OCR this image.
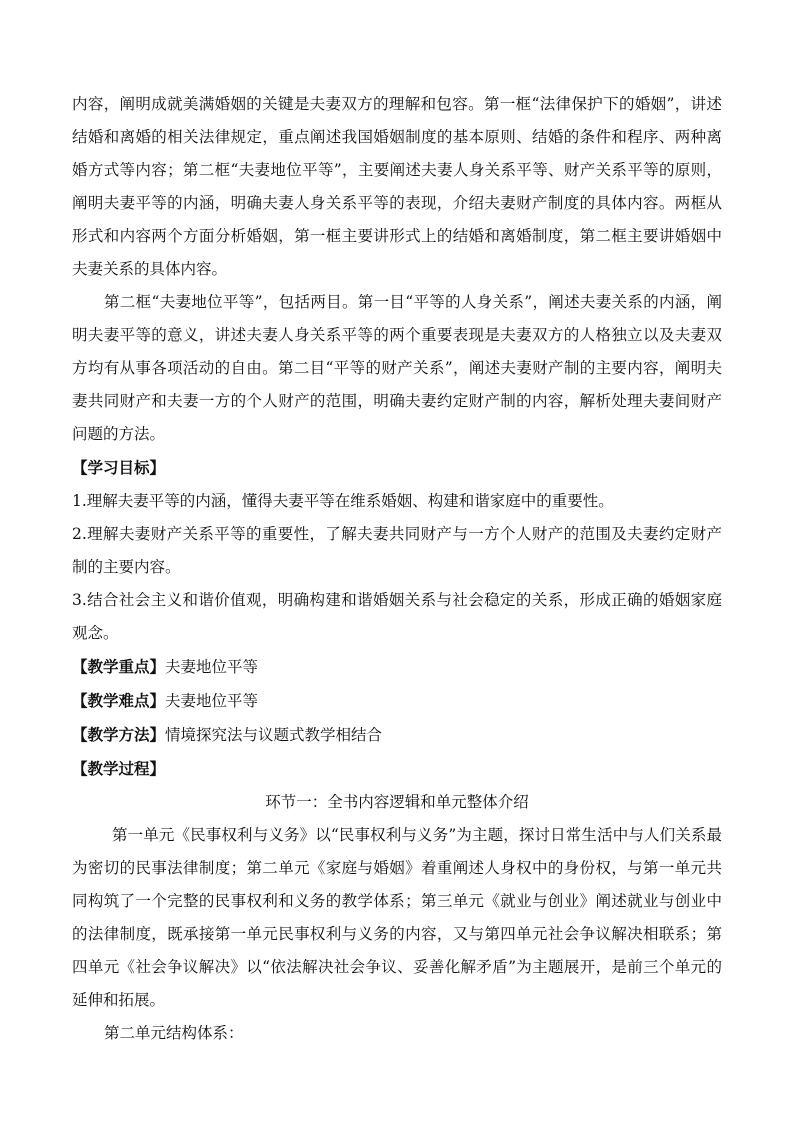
内容，阐明成就美满婚姻的关键是夫妻双方的理解和包容。第一框“法律保护下的婚姻”，讲述结婚和离婚的相关法律规定，重点阐述我国婚姻制度的基本原则、结婚的条件和程序、两种离婚方式等内容；第二框“夫妻地位平等”，主要阐述夫妻人身关系平等、财产关系平等的原则，阐明夫妻平等的内涵，明确夫妻人身关系平等的表现，介绍夫妻财产制度的具体内容。两框从形式和内容两个方面分析婚姻，第一框主要讲形式上的结婚和离婚制度，第二框主要讲婚姻中夫妻关系的具体内容。

第二框“夫妻地位平等”，包括两目。第一目“平等的人身关系”，阐述夫妻关系的内涵，阐明夫妻平等的意义，讲述夫妻人身关系平等的两个重要表现是夫妻双方的人格独立以及夫妻双方均有从事各项活动的自由。第二目“平等的财产关系”，阐述夫妻财产制的主要内容，阐明夫妻共同财产和夫妻一方的个人财产的范围，明确夫妻约定财产制的内容，解析处理夫妻间财产问题的方法。

【学习目标】

1.理解夫妻平等的内涵，懂得夫妻平等在维系婚姻、构建和谐家庭中的重要性。

2.理解夫妻财产关系平等的重要性，了解夫妻共同财产与一方个人财产的范围及夫妻约定财产制的主要内容。

3.结合社会主义和谐价值观，明确构建和谐婚姻关系与社会稳定的关系，形成正确的婚姻家庭观念。

【教学重点】夫妻地位平等

【教学难点】夫妻地位平等

【教学方法】情境探究法与议题式教学相结合

【教学过程】

环节一：全书内容逻辑和单元整体介绍

第一单元《民事权利与义务》以“民事权利与义务”为主题，探讨日常生活中与人们关系最为密切的民事法律制度；第二单元《家庭与婚姻》着重阐述人身权中的身份权，与第一单元共同构筑了一个完整的民事权利和义务的教学体系；第三单元《就业与创业》阐述就业与创业中的法律制度，既承接第一单元民事权利与义务的内容，又与第四单元社会争议解决相联系；第四单元《社会争议解决》以“依法解决社会争议、妥善化解矛盾”为主题展开，是前三个单元的延伸和拓展。

第二单元结构体系：
